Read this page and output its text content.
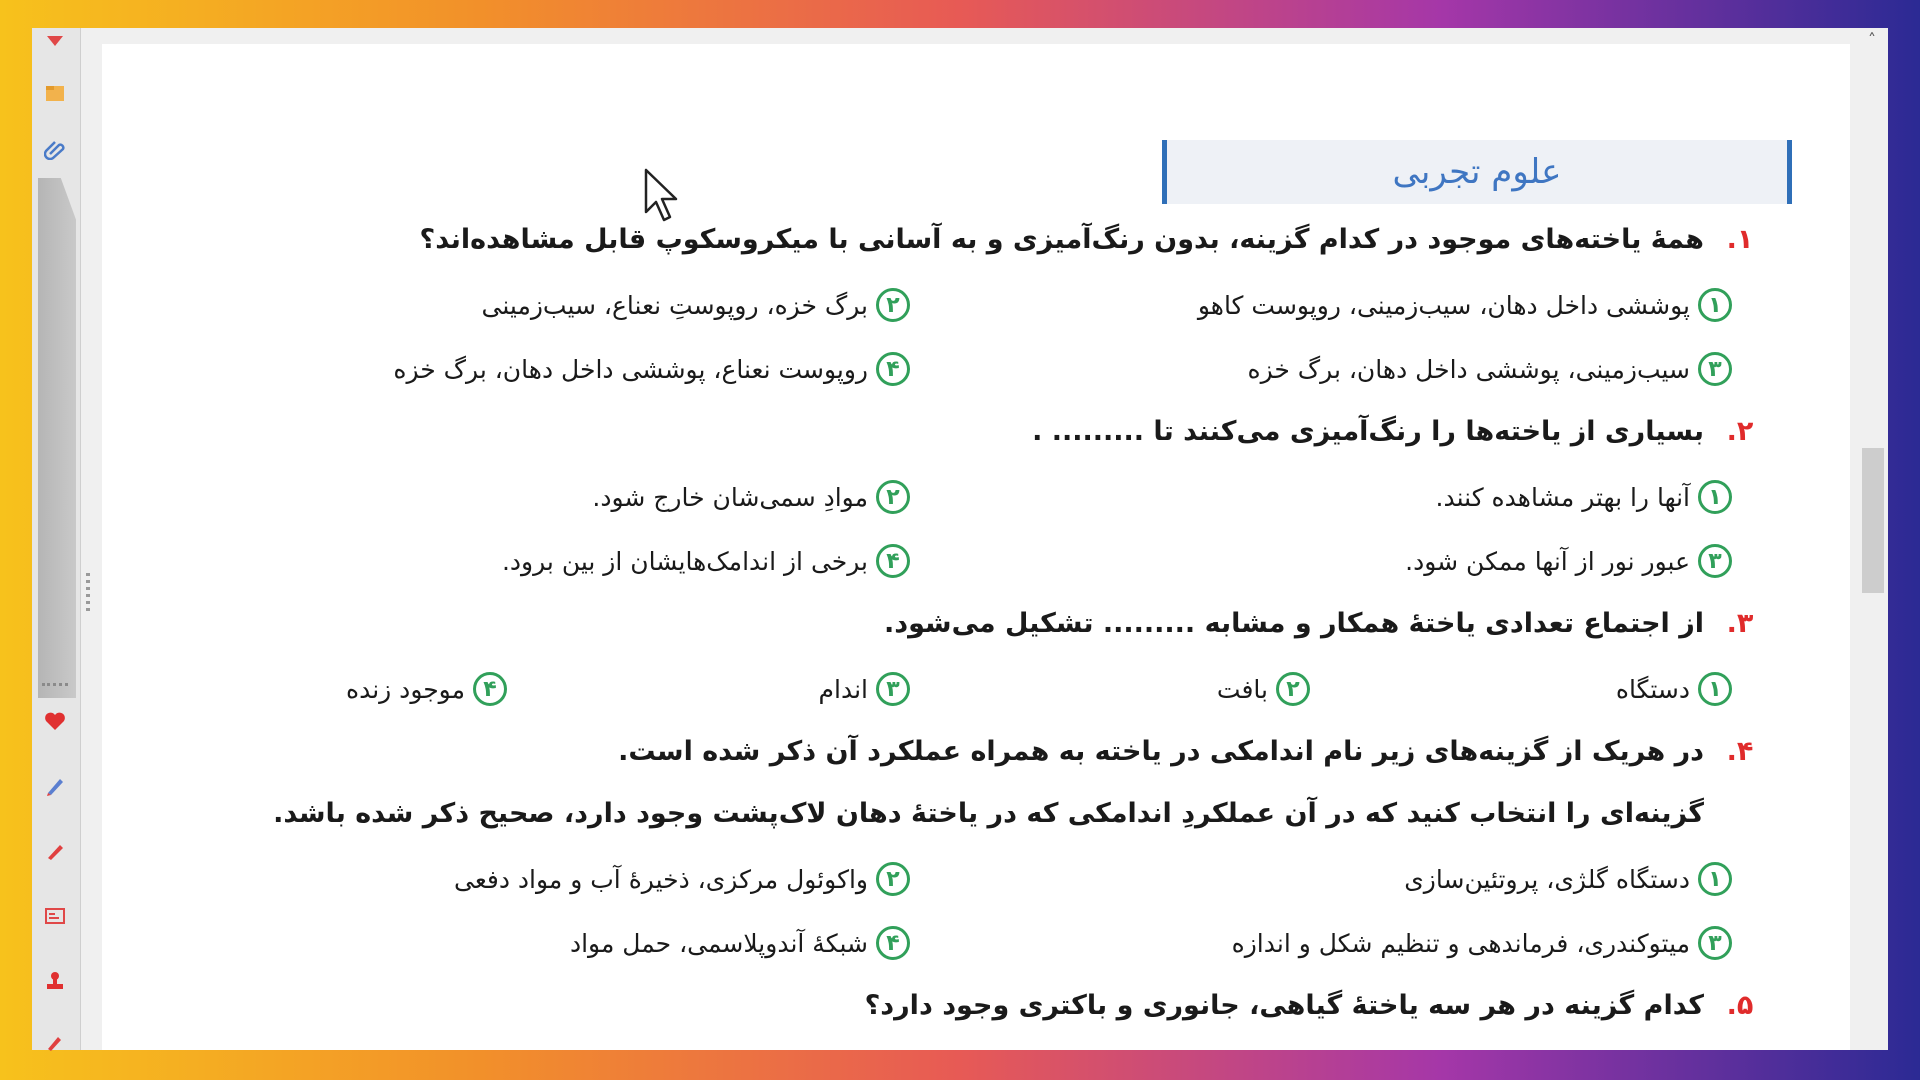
علوم تجربی
۱.همهٔ یاخته‌های موجود در کدام گزینه، بدون رنگ‌آمیزی و به آسانی با میکروسکوپ قابل مشاهده‌اند؟
۱
پوششی داخل دهان، سیب‌زمینی، روپوست کاهو
۲
برگ خزه، روپوستِ نعناع، سیب‌زمینی
۳
سیب‌زمینی، پوششی داخل دهان، برگ خزه
۴
روپوست نعناع، پوششی داخل دهان، برگ خزه
۲.بسیاری از یاخته‌ها را رنگ‌آمیزی می‌کنند تا ......... .
۱
آنها را بهتر مشاهده کنند.
۲
موادِ سمی‌شان خارج شود.
۳
عبور نور از آنها ممکن شود.
۴
برخی از اندامک‌هایشان از بین برود.
۳.از اجتماع تعدادی یاختهٔ همکار و مشابه ......... تشکیل می‌شود.
۱
دستگاه
۲
بافت
۳
اندام
۴
موجود زنده
۴.در هریک از گزینه‌های زیر نام اندامکی در یاخته به همراه عملکرد آن ذکر شده است.
گزینه‌ای را انتخاب کنید که در آن عملکردِ اندامکی که در یاختهٔ دهان لاک‌پشت وجود دارد، صحیح ذکر شده باشد.
۱
دستگاه گلژی، پروتئین‌سازی
۲
واکوئول مرکزی، ذخیرهٔ آب و مواد دفعی
۳
میتوکندری، فرماندهی و تنظیم شکل و اندازه
۴
شبکهٔ آندوپلاسمی، حمل مواد
۵.کدام گزینه در هر سه یاختهٔ گیاهی، جانوری و باکتری وجود دارد؟
˄
